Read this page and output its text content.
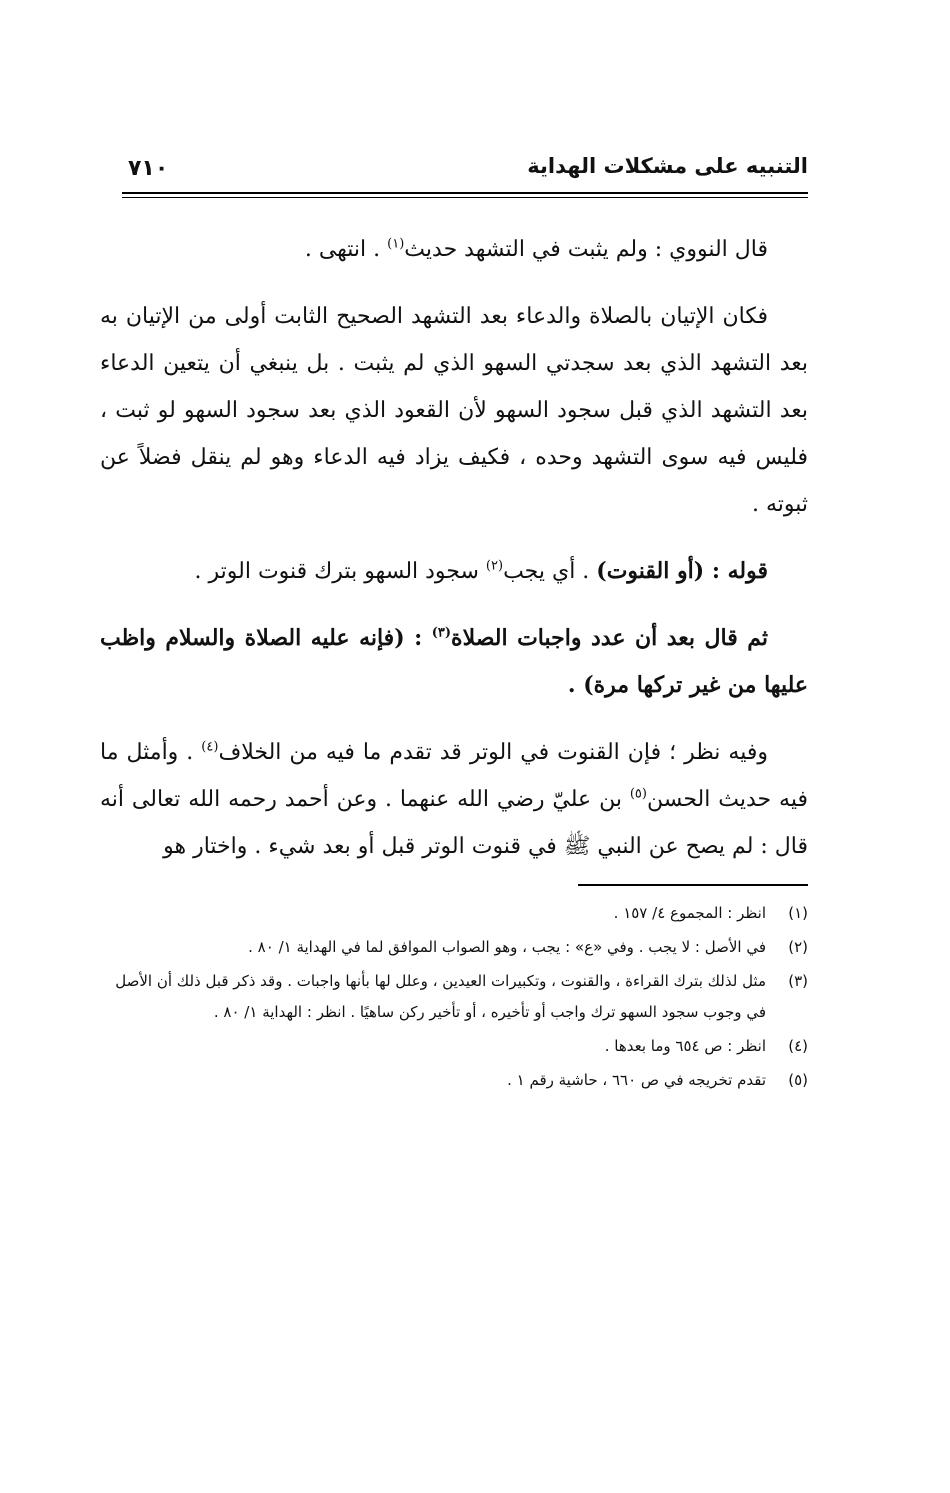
التنبيه على مشكلات الهداية
٧١٠

قال النووي : ولم يثبت في التشهد حديث$^{(١)}$ . انتهى .

فكان الإتيان بالصلاة والدعاء بعد التشهد الصحيح الثابت أولى من الإتيان به بعد التشهد الذي بعد سجدتي السهو الذي لم يثبت . بل ينبغي أن يتعين الدعاء بعد التشهد الذي قبل سجود السهو لأن القعود الذي بعد سجود السهو لو ثبت ، فليس فيه سوى التشهد وحده ، فكيف يزاد فيه الدعاء وهو لم ينقل فضلاً عن ثبوته .

قوله : (أو القنوت) . أي يجب$^{(٢)}$ سجود السهو بترك قنوت الوتر .

ثم قال بعد أن عدد واجبات الصلاة$^{(٣)}$ : (فإنه عليه الصلاة والسلام واظب عليها من غير تركها مرة) .

وفيه نظر ؛ فإن القنوت في الوتر قد تقدم ما فيه من الخلاف$^{(٤)}$ . وأمثل ما فيه حديث الحسن$^{(٥)}$ بن عليّ رضي الله عنهما . وعن أحمد رحمه الله تعالى أنه قال : لم يصح عن النبي ﷺ في قنوت الوتر قبل أو بعد شيء . واختار هو

(١)
انظر : المجموع ٤/ ١٥٧ .
(٢)
في الأصل : لا يجب . وفي «ع» : يجب ، وهو الصواب الموافق لما في الهداية ١/ ٨٠ .
(٣)
مثل لذلك بترك القراءة ، والقنوت ، وتكبيرات العيدين ، وعلل لها بأنها واجبات . وقد ذكر قبل ذلك أن الأصل في وجوب سجود السهو ترك واجب أو تأخيره ، أو تأخير ركن ساهيًا . انظر : الهداية ١/ ٨٠ .
(٤)
انظر : ص ٦٥٤ وما بعدها .
(٥)
تقدم تخريجه في ص ٦٦٠ ، حاشية رقم ١ .
